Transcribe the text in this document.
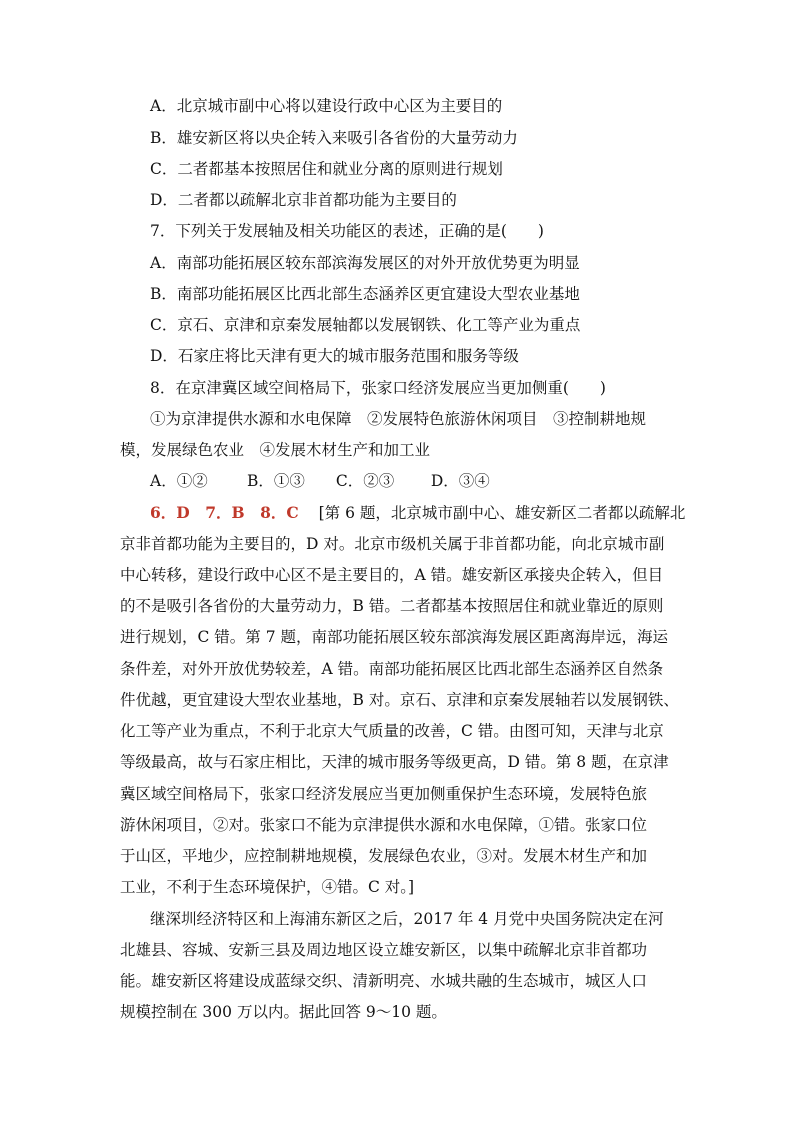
A．北京城市副中心将以建设行政中心区为主要目的
B．雄安新区将以央企转入来吸引各省份的大量劳动力
C．二者都基本按照居住和就业分离的原则进行规划
D．二者都以疏解北京非首都功能为主要目的
7．下列关于发展轴及相关功能区的表述，正确的是(　　)
A．南部功能拓展区较东部滨海发展区的对外开放优势更为明显
B．南部功能拓展区比西北部生态涵养区更宜建设大型农业基地
C．京石、京津和京秦发展轴都以发展钢铁、化工等产业为重点
D．石家庄将比天津有更大的城市服务范围和服务等级
8．在京津冀区域空间格局下，张家口经济发展应当更加侧重(　　)
①为京津提供水源和水电保障　②发展特色旅游休闲项目　③控制耕地规
模，发展绿色农业　④发展木材生产和加工业
A．①②	B．①③ C．②③ D．③④
6．D　7．B　8．C [第 6 题，北京城市副中心、雄安新区二者都以疏解北
京非首都功能为主要目的，D 对。北京市级机关属于非首都功能，向北京城市副
中心转移，建设行政中心区不是主要目的，A 错。雄安新区承接央企转入，但目
的不是吸引各省份的大量劳动力，B 错。二者都基本按照居住和就业靠近的原则
进行规划，C 错。第 7 题，南部功能拓展区较东部滨海发展区距离海岸远，海运
条件差，对外开放优势较差，A 错。南部功能拓展区比西北部生态涵养区自然条
件优越，更宜建设大型农业基地，B 对。京石、京津和京秦发展轴若以发展钢铁、
化工等产业为重点，不利于北京大气质量的改善，C 错。由图可知，天津与北京
等级最高，故与石家庄相比，天津的城市服务等级更高，D 错。第 8 题，在京津
冀区域空间格局下，张家口经济发展应当更加侧重保护生态环境，发展特色旅
游休闲项目，②对。张家口不能为京津提供水源和水电保障，①错。张家口位
于山区，平地少，应控制耕地规模，发展绿色农业，③对。发展木材生产和加
工业，不利于生态环境保护，④错。C 对。]
继深圳经济特区和上海浦东新区之后，2017 年 4 月党中央国务院决定在河
北雄县、容城、安新三县及周边地区设立雄安新区，以集中疏解北京非首都功
能。雄安新区将建设成蓝绿交织、清新明亮、水城共融的生态城市，城区人口
规模控制在 300 万以内。据此回答 9～10 题。
